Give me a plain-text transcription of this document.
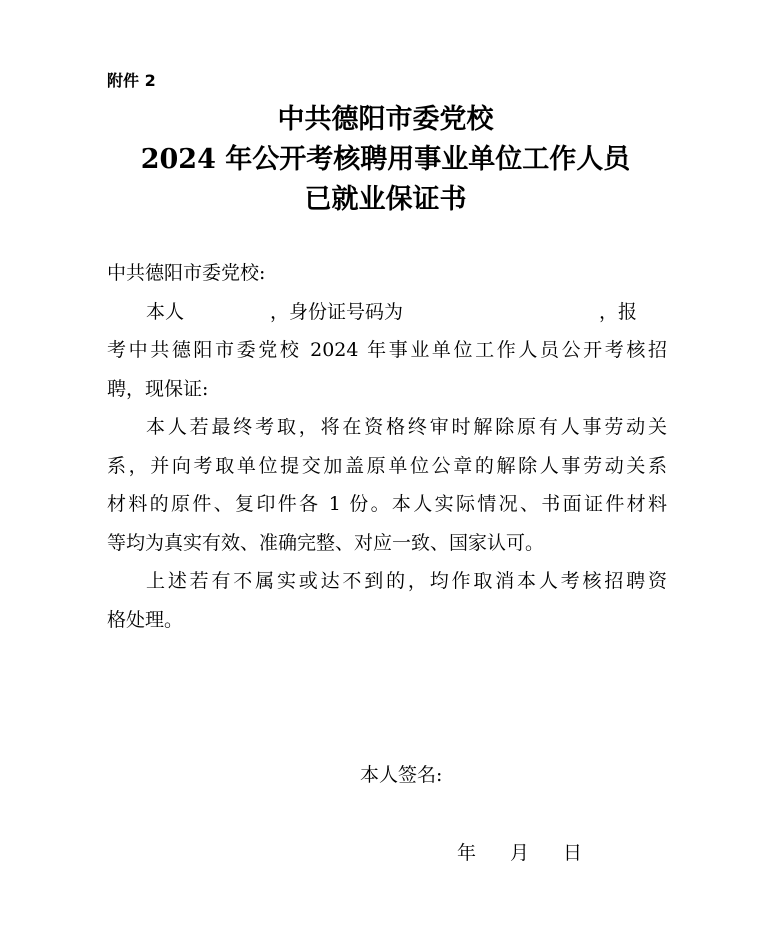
附件 2
中共德阳市委党校
2024 年公开考核聘用事业单位工作人员
已就业保证书
中共德阳市委党校:
本人	，身份证号码为	，报
考中共德阳市委党校 2024 年事业单位工作人员公开考核招
聘，现保证:
本人若最终考取，将在资格终审时解除原有人事劳动关
系，并向考取单位提交加盖原单位公章的解除人事劳动关系
材料的原件、复印件各 1 份。本人实际情况、书面证件材料
等均为真实有效、准确完整、对应一致、国家认可。
上述若有不属实或达不到的，均作取消本人考核招聘资
格处理。
本人签名:
年 月 日
